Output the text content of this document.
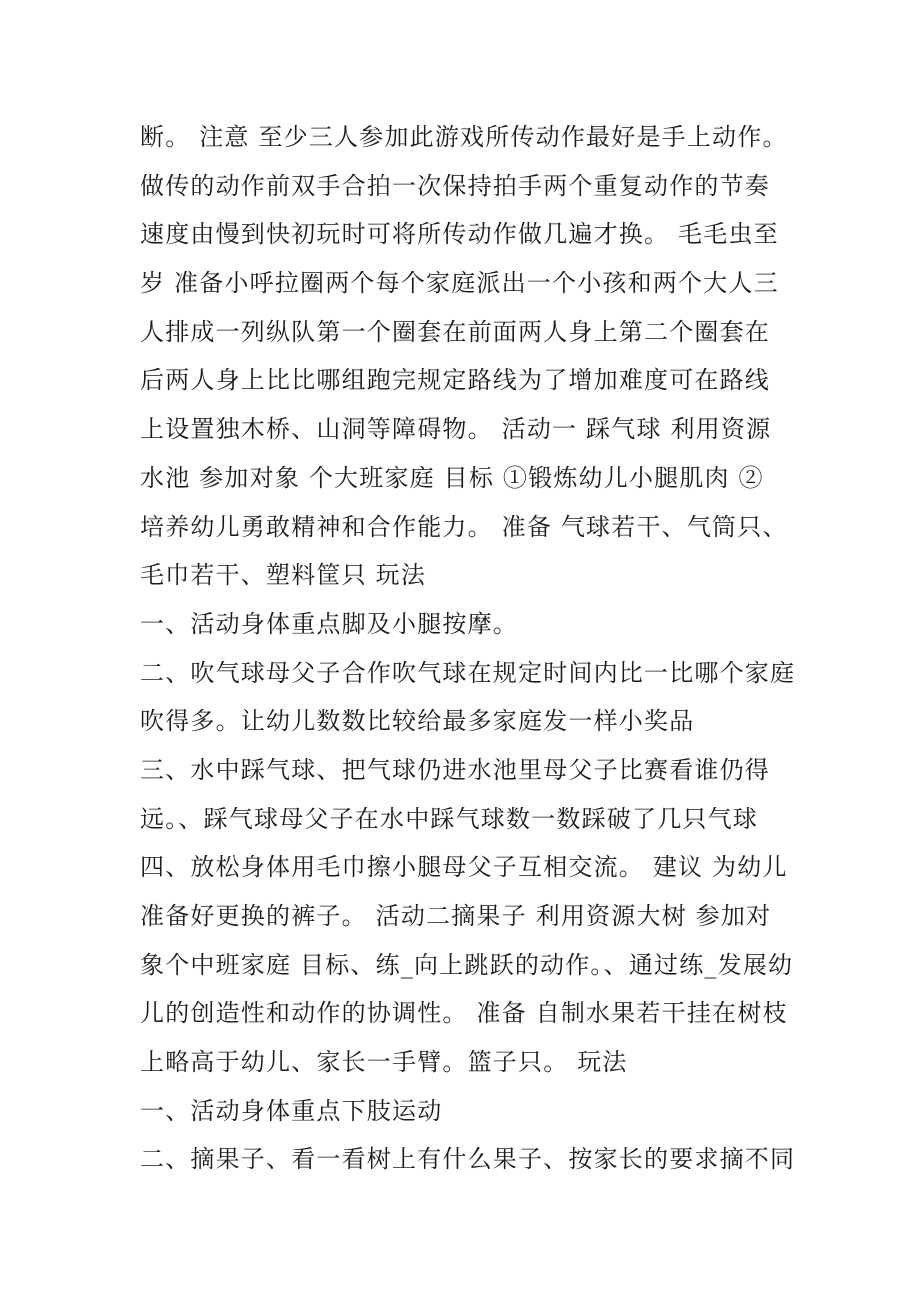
断。 注意 至少三人参加此游戏所传动作最好是手上动作。
做传的动作前双手合拍一次保持拍手两个重复动作的节奏
速度由慢到快初玩时可将所传动作做几遍才换。 毛毛虫至
岁 准备小呼拉圈两个每个家庭派出一个小孩和两个大人三
人排成一列纵队第一个圈套在前面两人身上第二个圈套在
后两人身上比比哪组跑完规定路线为了增加难度可在路线
上设置独木桥、山洞等障碍物。 活动一 踩气球 利用资源
水池 参加对象 个大班家庭 目标 ①锻炼幼儿小腿肌肉 ②
培养幼儿勇敢精神和合作能力。 准备 气球若干、气筒只、
毛巾若干、塑料筐只 玩法
一、活动身体重点脚及小腿按摩。
二、吹气球母父子合作吹气球在规定时间内比一比哪个家庭
吹得多。让幼儿数数比较给最多家庭发一样小奖品
三、水中踩气球、把气球仍进水池里母父子比赛看谁仍得
远。、踩气球母父子在水中踩气球数一数踩破了几只气球
四、放松身体用毛巾擦小腿母父子互相交流。 建议 为幼儿
准备好更换的裤子。 活动二摘果子 利用资源大树 参加对
象个中班家庭 目标、练_向上跳跃的动作。、通过练_发展幼
儿的创造性和动作的协调性。 准备 自制水果若干挂在树枝
上略高于幼儿、家长一手臂。篮子只。 玩法
一、活动身体重点下肢运动
二、摘果子、看一看树上有什么果子、按家长的要求摘不同
